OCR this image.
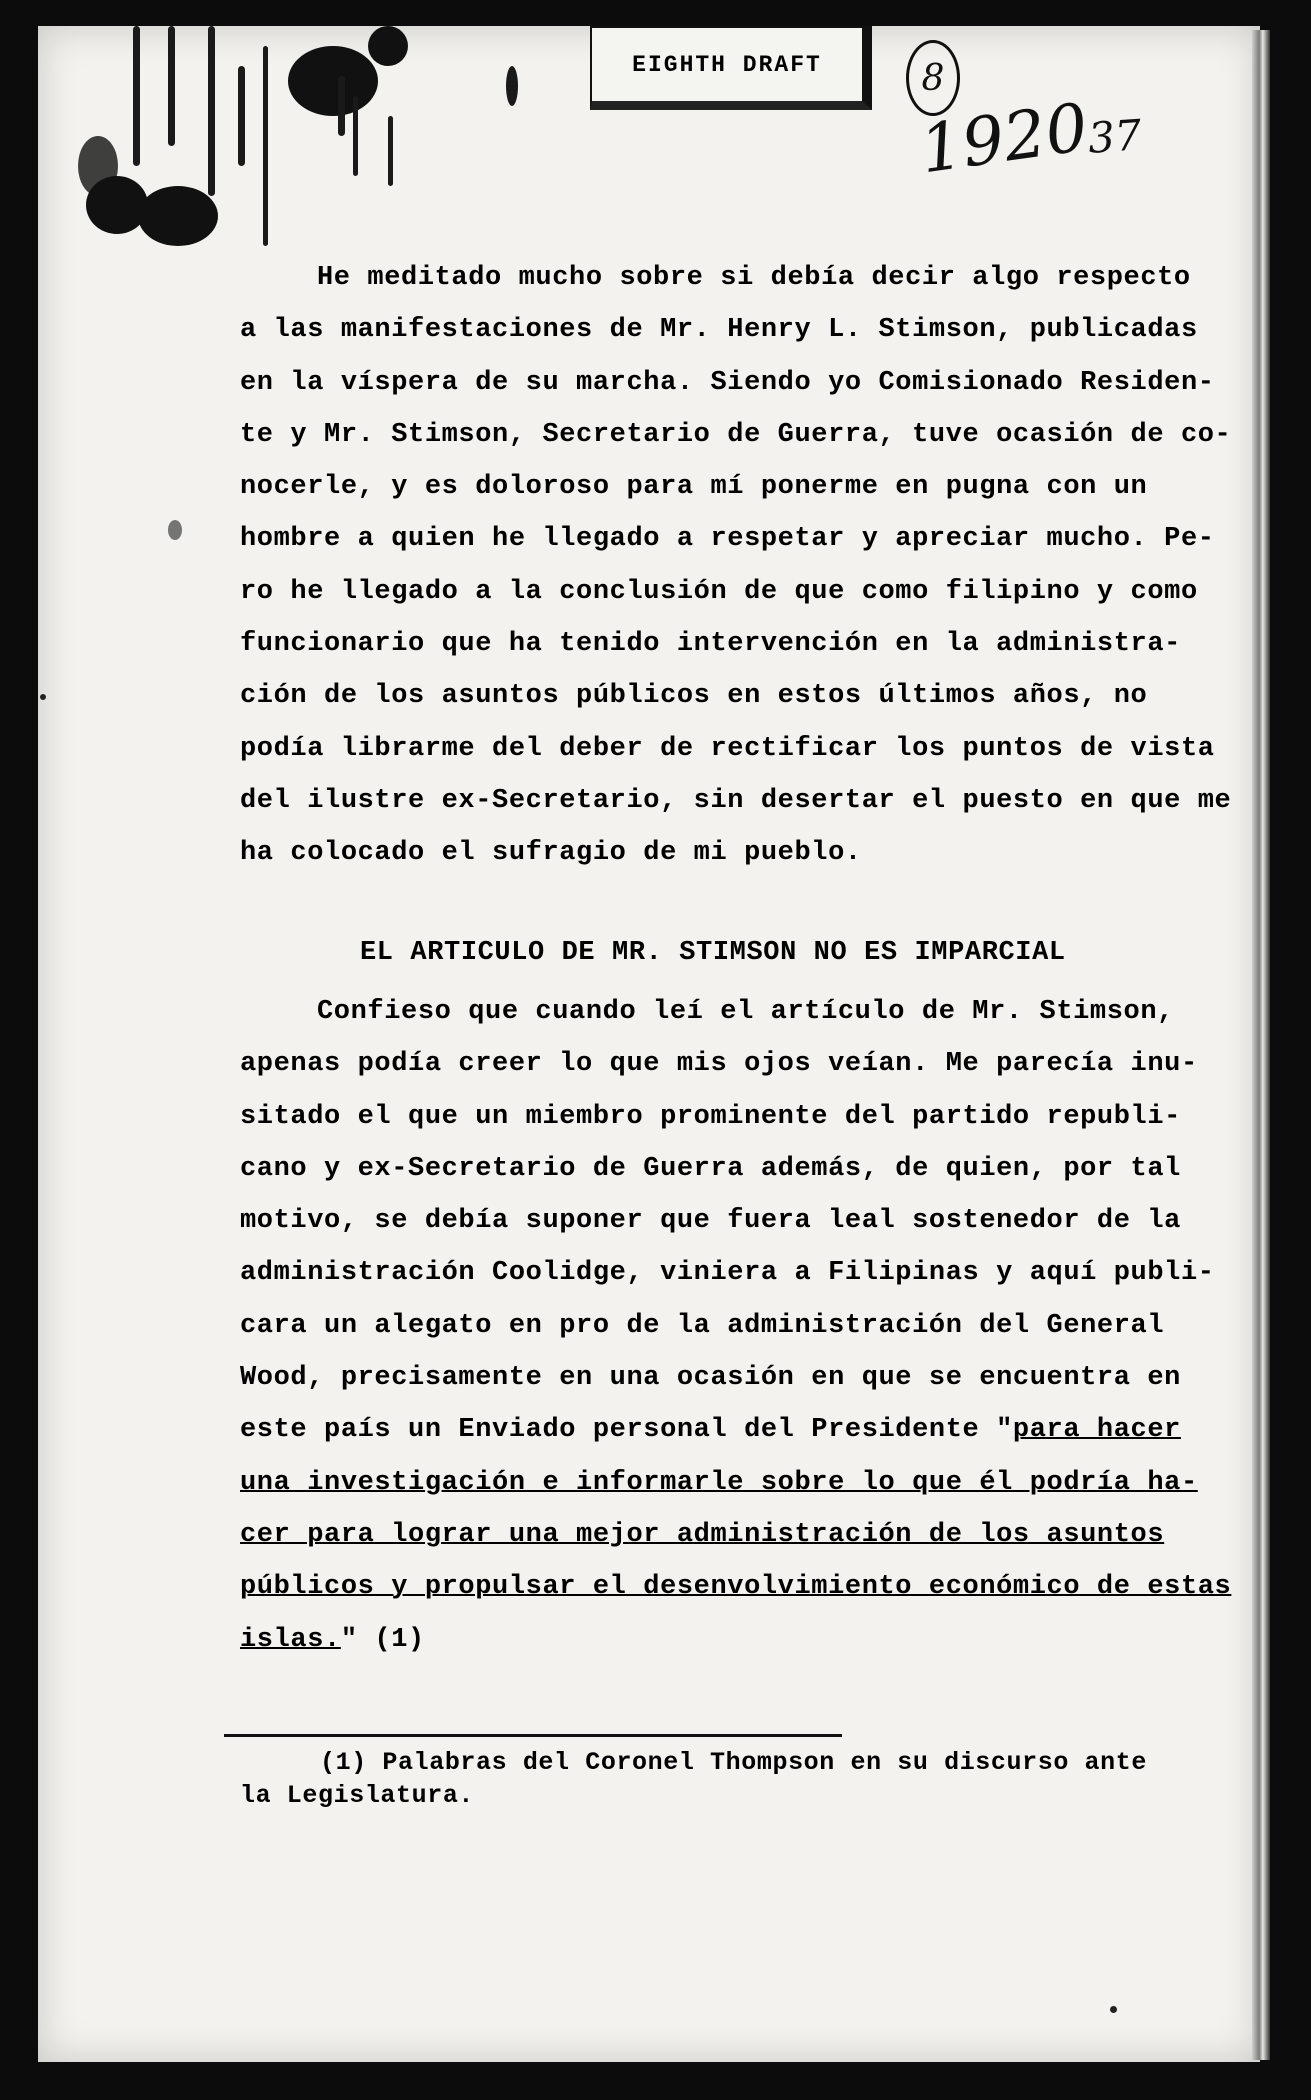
EIGHTH DRAFT	8
1920
37
He meditado mucho sobre si debía decir algo respecto
a las manifestaciones de Mr. Henry L. Stimson, publicadas
en la víspera de su marcha. Siendo yo Comisionado Residen-
te y Mr. Stimson, Secretario de Guerra, tuve ocasión de co-
nocerle, y es doloroso para mí ponerme en pugna con un
hombre a quien he llegado a respetar y apreciar mucho. Pe-
ro he llegado a la conclusión de que como filipino y como
funcionario que ha tenido intervención en la administra-
ción de los asuntos públicos en estos últimos años, no
podía librarme del deber de rectificar los puntos de vista
del ilustre ex-Secretario, sin desertar el puesto en que me
ha colocado el sufragio de mi pueblo.
EL ARTICULO DE MR. STIMSON NO ES IMPARCIAL
Confieso que cuando leí el artículo de Mr. Stimson,
apenas podía creer lo que mis ojos veían. Me parecía inu-
sitado el que un miembro prominente del partido republi-
cano y ex-Secretario de Guerra además, de quien, por tal
motivo, se debía suponer que fuera leal sostenedor de la
administración Coolidge, viniera a Filipinas y aquí publi-
cara un alegato en pro de la administración del General
Wood, precisamente en una ocasión en que se encuentra en
este país un Enviado personal del Presidente "para hacer
una investigación e informarle sobre lo que él podría ha-
cer para lograr una mejor administración de los asuntos
públicos y propulsar el desenvolvimiento económico de estas
islas." (1)
(1) Palabras del Coronel Thompson en su discurso ante
la Legislatura.
